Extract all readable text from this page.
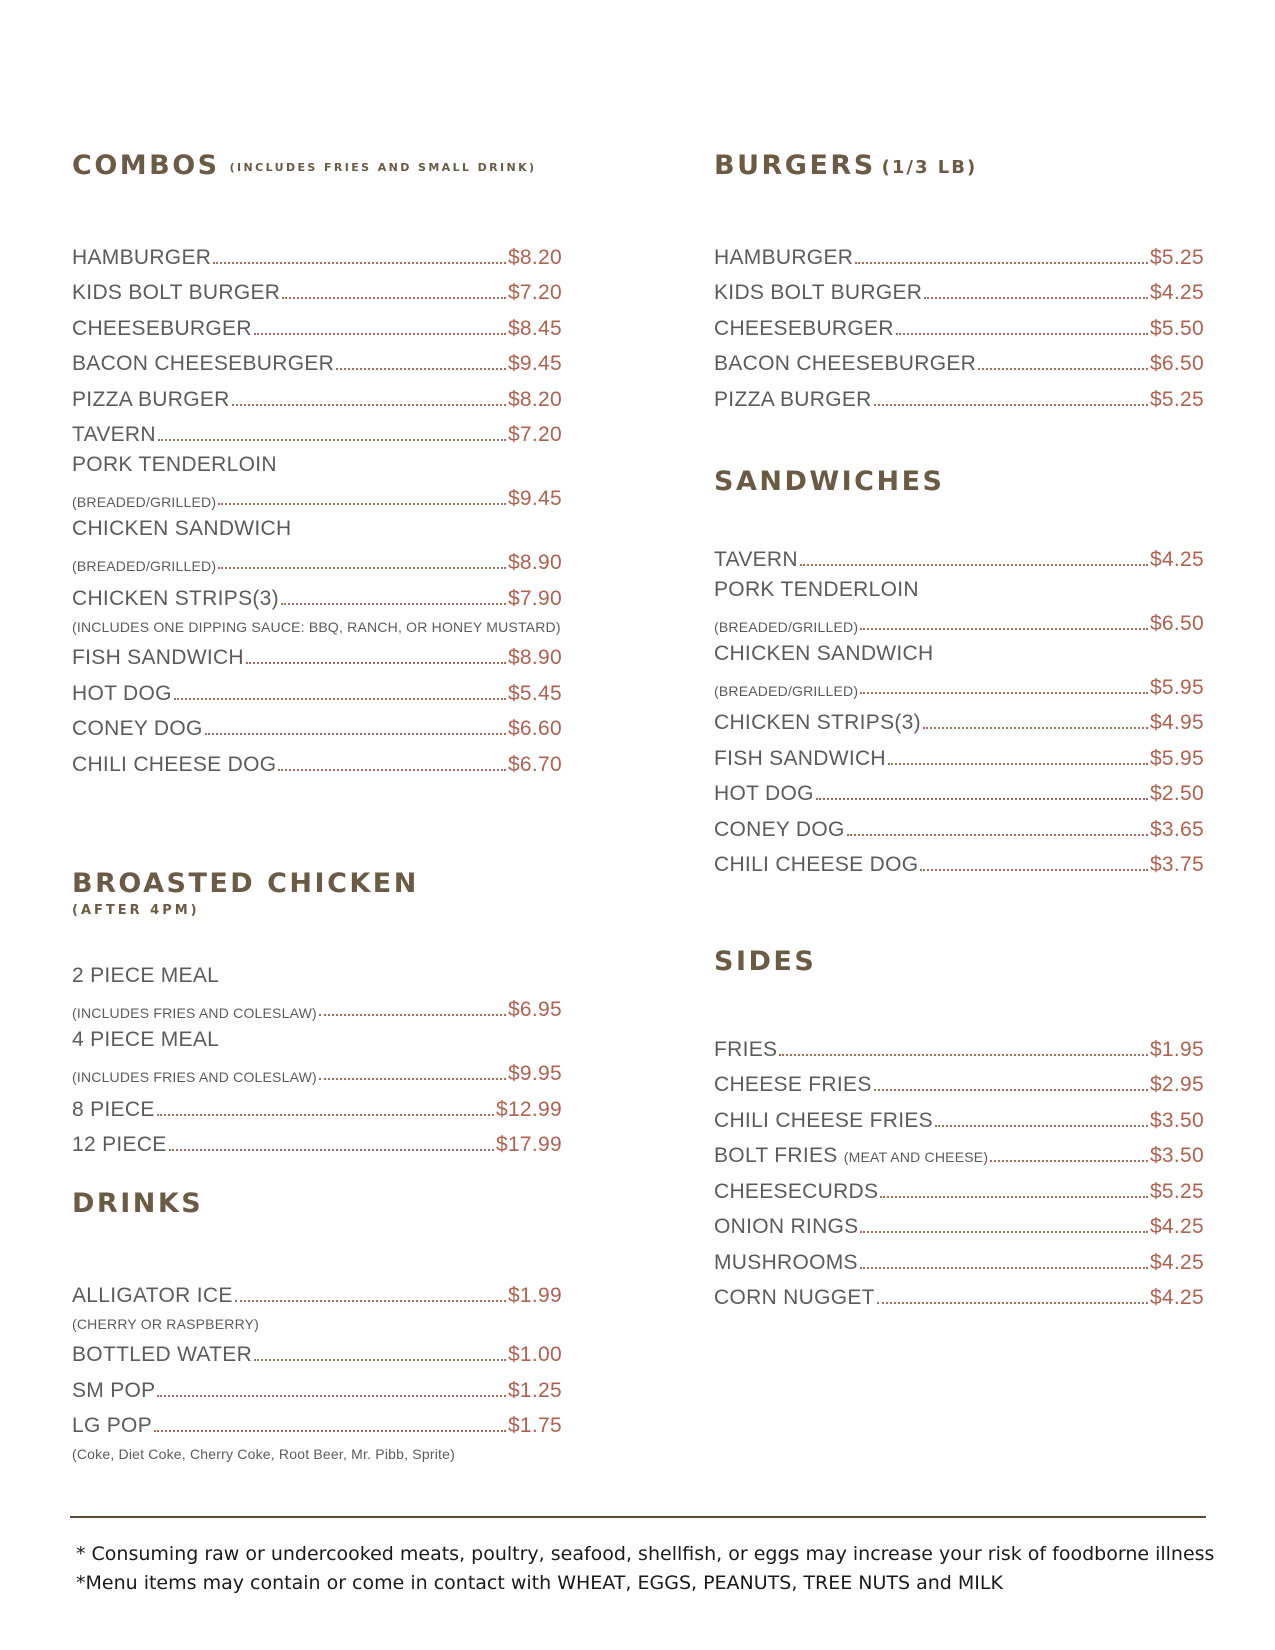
COMBOS (INCLUDES FRIES AND SMALL DRINK)
HAMBURGER	$8.20
KIDS BOLT BURGER	$7.20
CHEESEBURGER	$8.45
BACON CHEESEBURGER	$9.45
PIZZA BURGER	$8.20
TAVERN	$7.20
PORK TENDERLOIN
(BREADED/GRILLED)	$9.45
CHICKEN SANDWICH
(BREADED/GRILLED)	$8.90
CHICKEN STRIPS(3)	$7.90
(INCLUDES ONE DIPPING SAUCE: BBQ, RANCH, OR HONEY MUSTARD)
FISH SANDWICH	$8.90
HOT DOG	$5.45
CONEY DOG	$6.60
CHILI CHEESE DOG	$6.70
BROASTED CHICKEN
(AFTER 4PM)
2 PIECE MEAL
(INCLUDES FRIES AND COLESLAW)	$6.95
4 PIECE MEAL
(INCLUDES FRIES AND COLESLAW)	$9.95
8 PIECE	$12.99
12 PIECE	$17.99
DRINKS
ALLIGATOR ICE	$1.99
(CHERRY OR RASPBERRY)
BOTTLED WATER	$1.00
SM POP	$1.25
LG POP	$1.75
(Coke, Diet Coke, Cherry Coke, Root Beer, Mr. Pibb, Sprite)
BURGERS (1/3 LB)
HAMBURGER	$5.25
KIDS BOLT BURGER	$4.25
CHEESEBURGER	$5.50
BACON CHEESEBURGER	$6.50
PIZZA BURGER	$5.25
SANDWICHES
TAVERN	$4.25
PORK TENDERLOIN
(BREADED/GRILLED)	$6.50
CHICKEN SANDWICH
(BREADED/GRILLED)	$5.95
CHICKEN STRIPS(3)	$4.95
FISH SANDWICH	$5.95
HOT DOG	$2.50
CONEY DOG	$3.65
CHILI CHEESE DOG	$3.75
SIDES
FRIES	$1.95
CHEESE FRIES	$2.95
CHILI CHEESE FRIES	$3.50
BOLT FRIES (MEAT AND CHEESE)	$3.50
CHEESECURDS	$5.25
ONION RINGS	$4.25
MUSHROOMS	$4.25
CORN NUGGET	$4.25
* Consuming raw or undercooked meats, poultry, seafood, shellfish, or eggs may increase your risk of foodborne illness
*Menu items may contain or come in contact with WHEAT, EGGS, PEANUTS, TREE NUTS and MILK
